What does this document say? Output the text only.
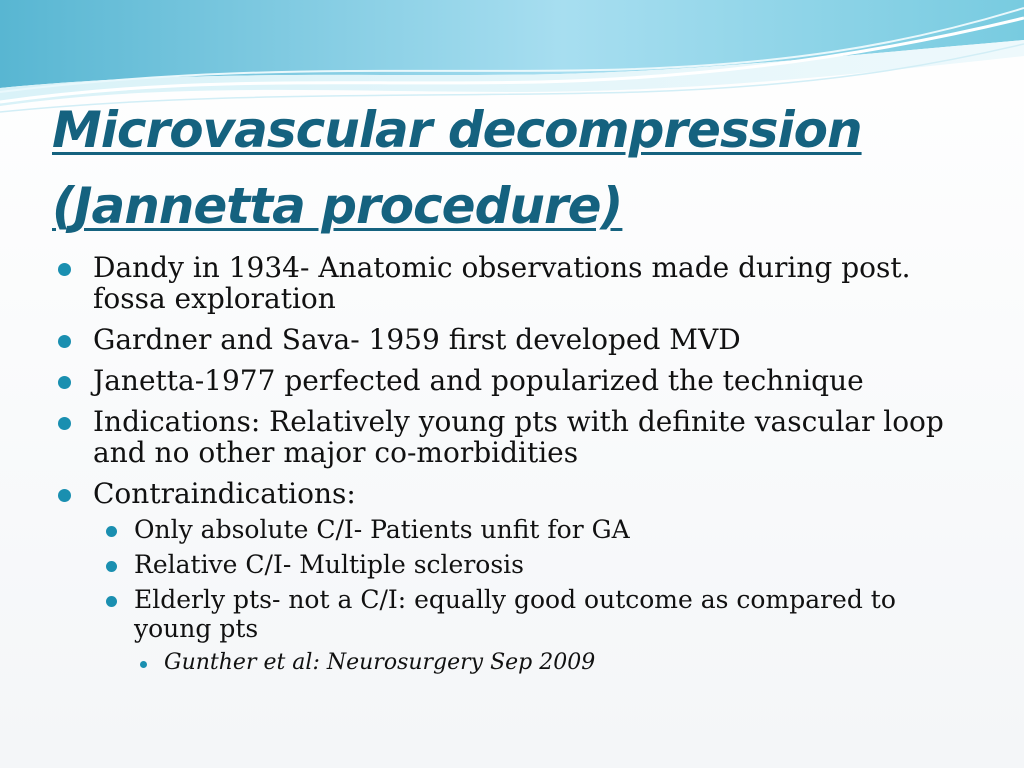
Microvascular decompression
(Jannetta procedure)
Dandy in 1934- Anatomic observations made during post. fossa exploration
Gardner and Sava- 1959 first developed MVD
Janetta-1977 perfected and popularized the technique
Indications: Relatively young pts with definite vascular loop and no other major co-morbidities
Contraindications:
Only absolute C/I- Patients unfit for GA
Relative C/I- Multiple sclerosis
Elderly pts- not a C/I: equally good outcome as compared to young pts
Gunther et al: Neurosurgery Sep 2009
